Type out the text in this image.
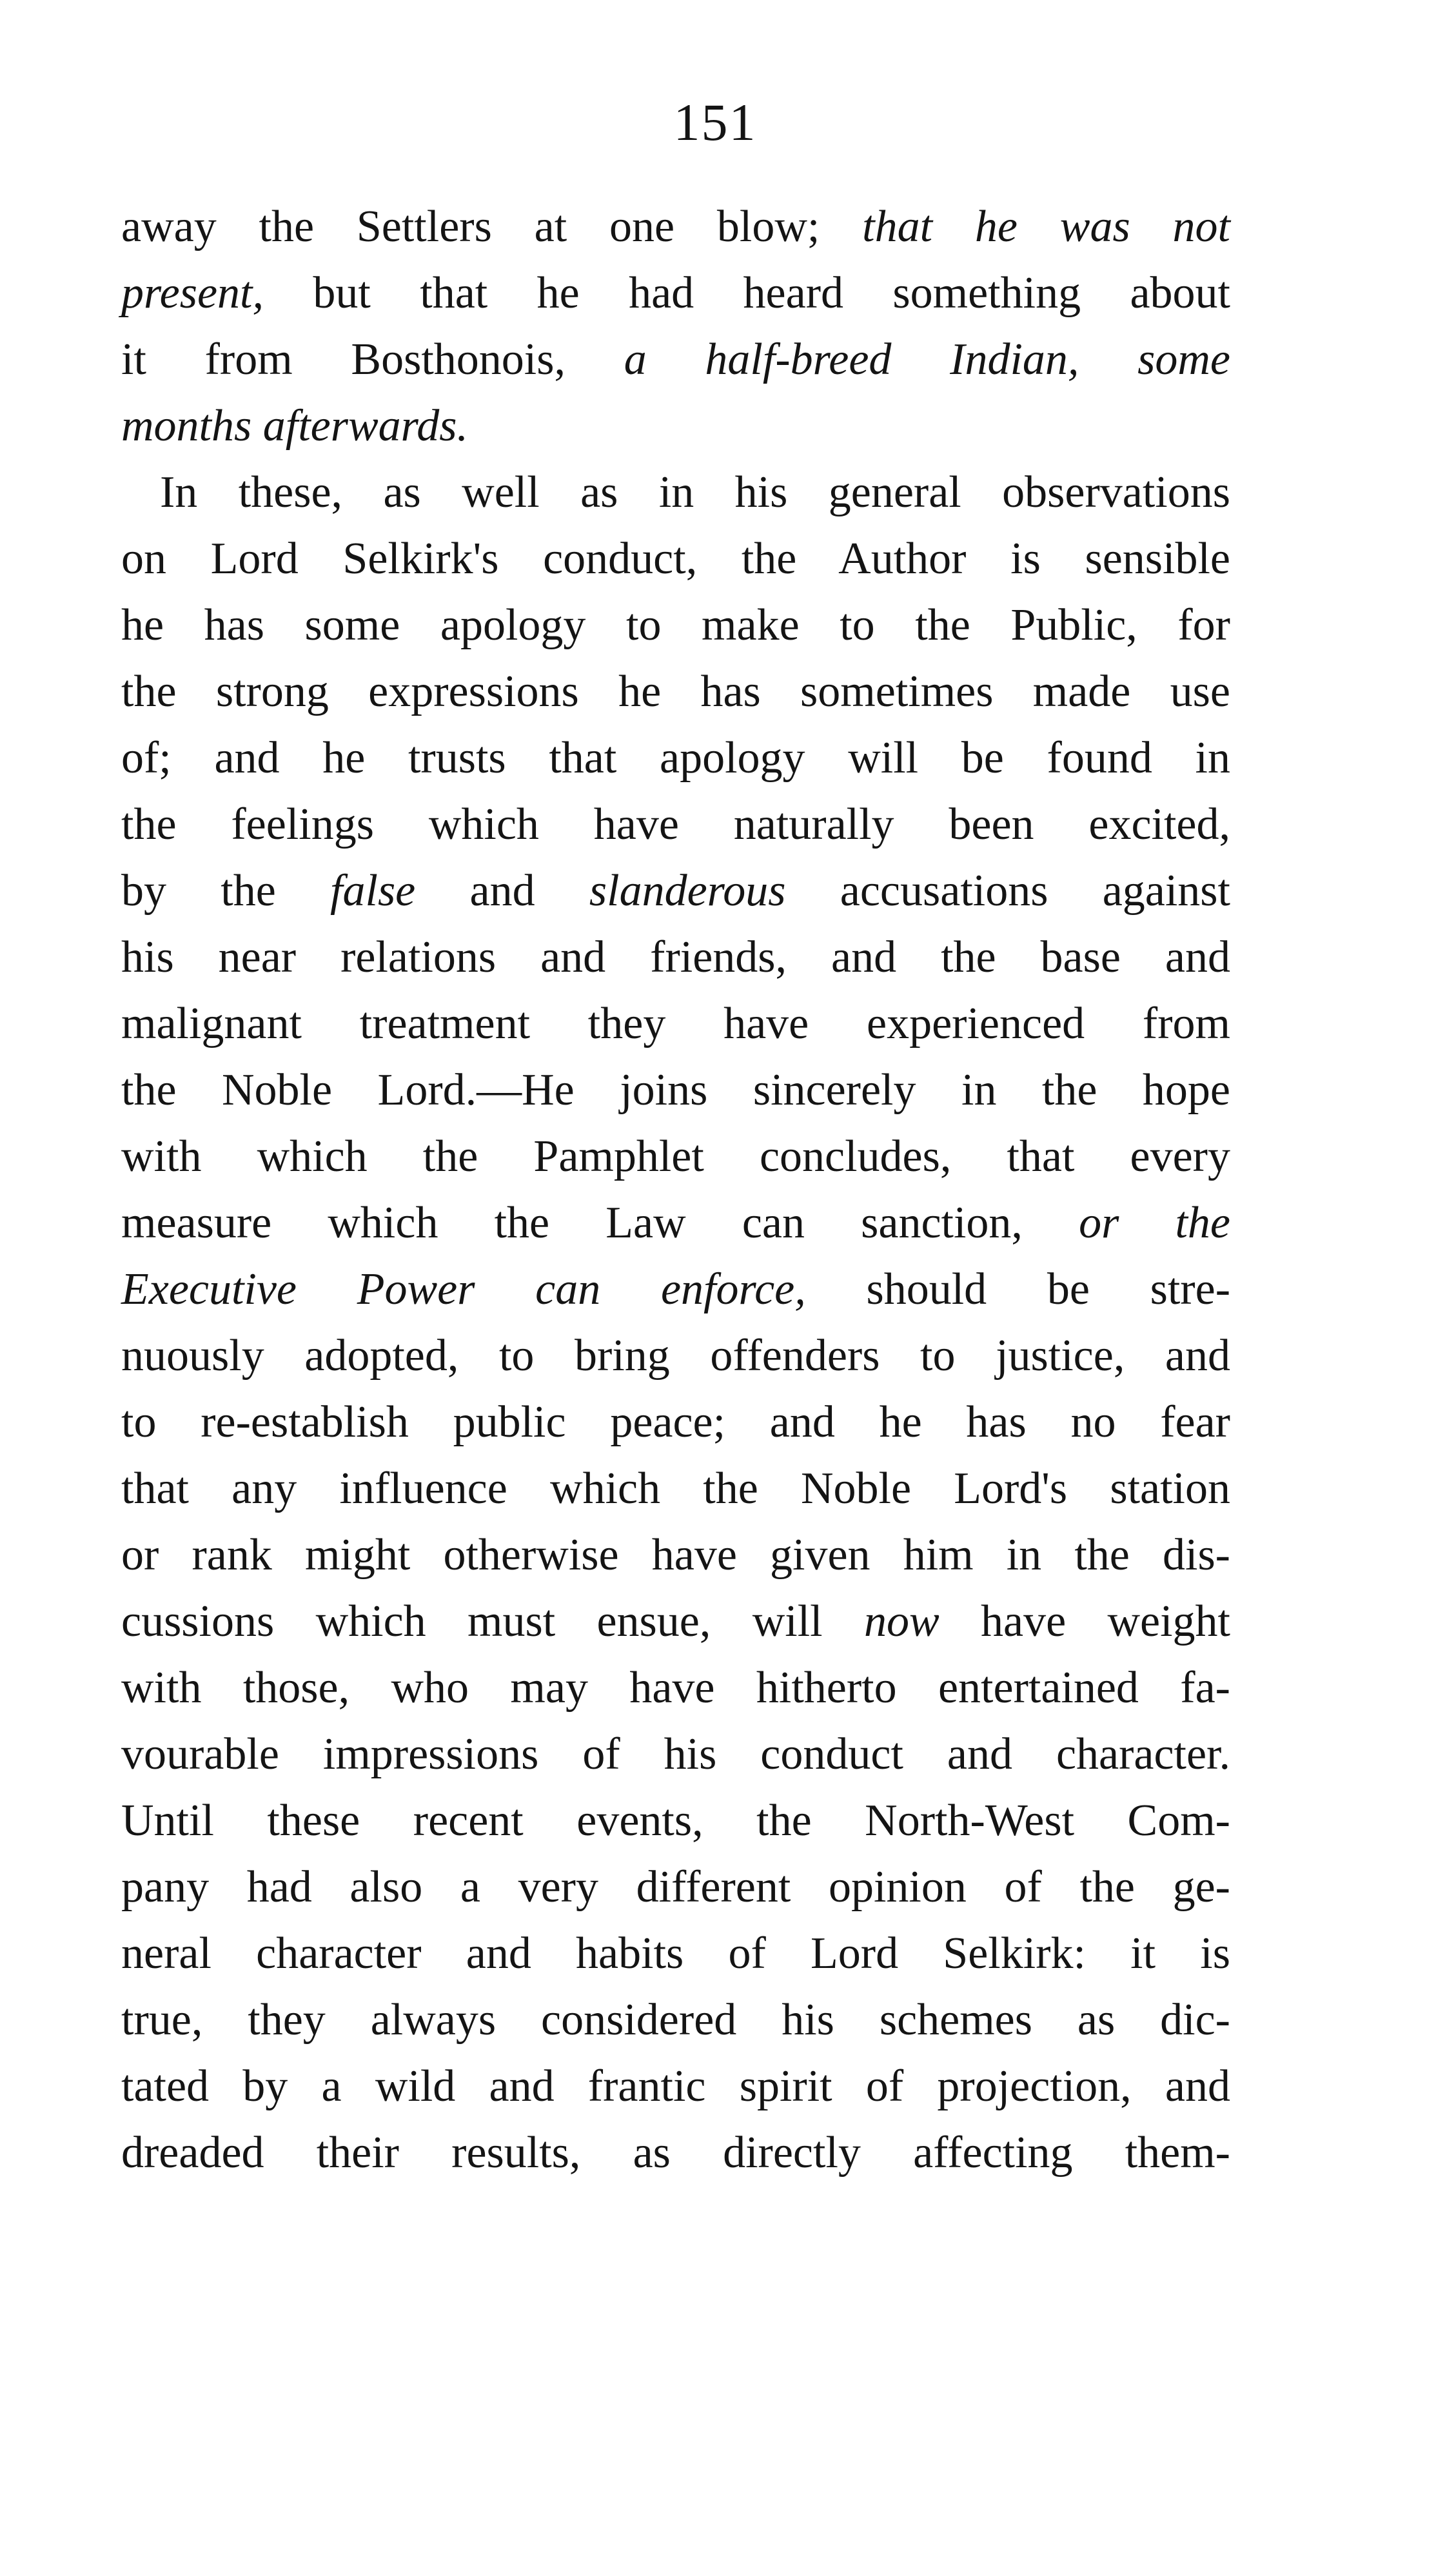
151
away the Settlers at one blow; that he was not
present, but that he had heard something about
it from Bosthonois, a half-breed Indian, some
months afterwards.
In these, as well as in his general observations
on Lord Selkirk's conduct, the Author is sensible
he has some apology to make to the Public, for
the strong expressions he has sometimes made use
of; and he trusts that apology will be found in
the feelings which have naturally been excited,
by the false and slanderous accusations against
his near relations and friends, and the base and
malignant treatment they have experienced from
the Noble Lord.—He joins sincerely in the hope
with which the Pamphlet concludes, that every
measure which the Law can sanction, or the
Executive Power can enforce, should be stre-
nuously adopted, to bring offenders to justice, and
to re-establish public peace; and he has no fear
that any influence which the Noble Lord's station
or rank might otherwise have given him in the dis-
cussions which must ensue, will now have weight
with those, who may have hitherto entertained fa-
vourable impressions of his conduct and character.
Until these recent events, the North-West Com-
pany had also a very different opinion of the ge-
neral character and habits of Lord Selkirk: it is
true, they always considered his schemes as dic-
tated by a wild and frantic spirit of projection, and
dreaded their results, as directly affecting them-
